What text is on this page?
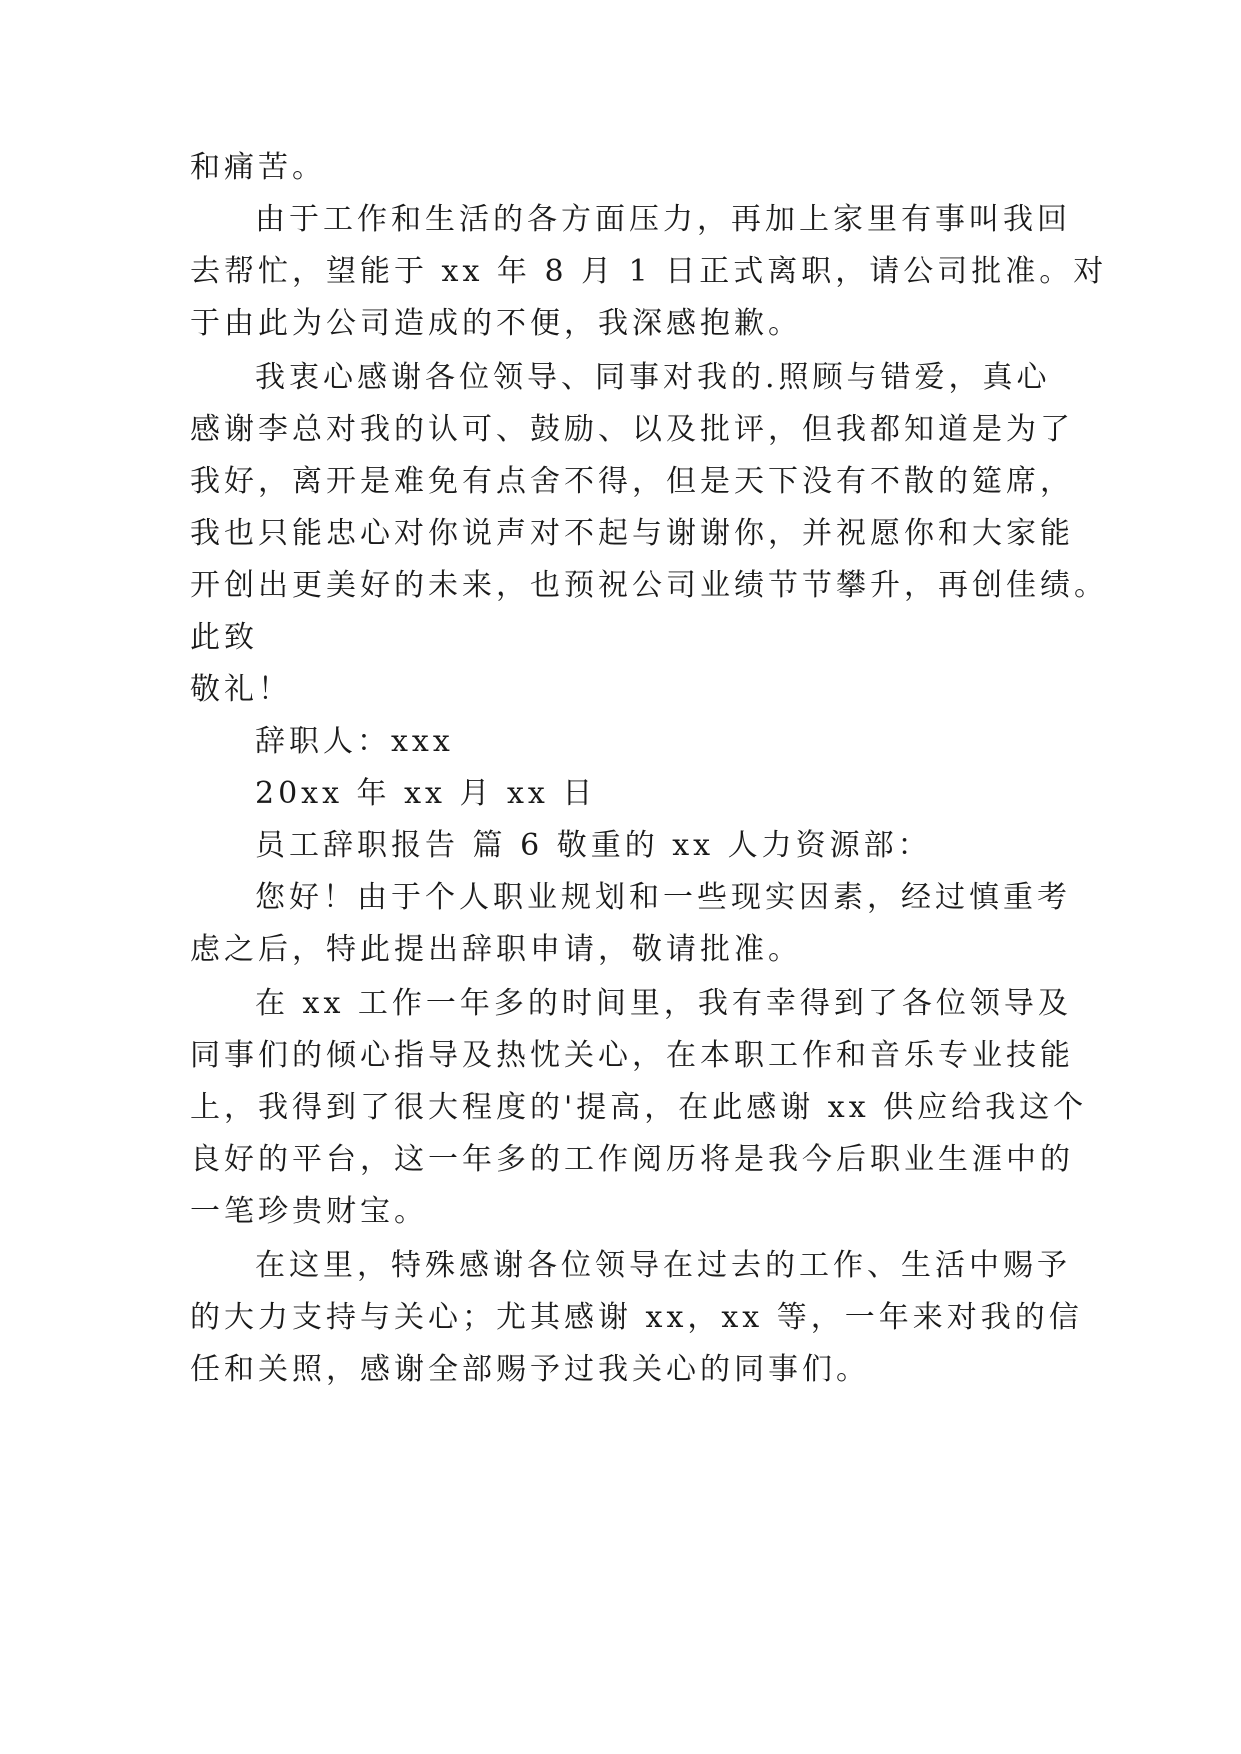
和痛苦。

由于工作和生活的各方面压力，再加上家里有事叫我回

去帮忙，望能于 xx 年 8 月 1 日正式离职，请公司批准。对

于由此为公司造成的不便，我深感抱歉。

我衷心感谢各位领导、同事对我的.照顾与错爱，真心

感谢李总对我的认可、鼓励、以及批评，但我都知道是为了

我好，离开是难免有点舍不得，但是天下没有不散的筵席，

我也只能忠心对你说声对不起与谢谢你，并祝愿你和大家能

开创出更美好的未来，也预祝公司业绩节节攀升，再创佳绩。

此致

敬礼！

辞职人：xxx

20xx 年 xx 月 xx 日

员工辞职报告 篇 6 敬重的 xx 人力资源部：

您好！由于个人职业规划和一些现实因素，经过慎重考

虑之后，特此提出辞职申请，敬请批准。

在 xx 工作一年多的时间里，我有幸得到了各位领导及

同事们的倾心指导及热忱关心，在本职工作和音乐专业技能

上，我得到了很大程度的'提高，在此感谢 xx 供应给我这个

良好的平台，这一年多的工作阅历将是我今后职业生涯中的

一笔珍贵财宝。

在这里，特殊感谢各位领导在过去的工作、生活中赐予

的大力支持与关心；尤其感谢 xx，xx 等，一年来对我的信

任和关照，感谢全部赐予过我关心的同事们。
